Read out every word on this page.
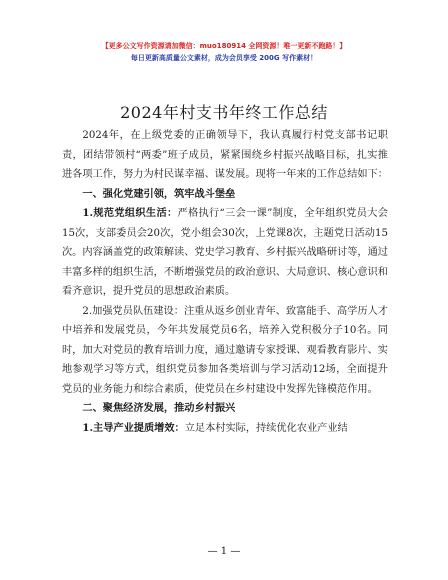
【更多公文写作资源请加微信：muo180914 全网资源！唯一更新不跑路！】
每日更新高质量公文素材，成为会员享受 200G 写作素材！
2024年村支书年终工作总结

2024年，在上级党委的正确领导下，我认真履行村党支部书记职责，团结带领村“两委”班子成员，紧紧围绕乡村振兴战略目标，扎实推进各项工作，努力为村民谋幸福、谋发展。现将一年来的工作总结如下：

一、强化党建引领，筑牢战斗堡垒

1.规范党组织生活：严格执行“三会一课”制度，全年组织党员大会15次，支部委员会20次，党小组会30次，上党课8次，主题党日活动15次。内容涵盖党的政策解读、党史学习教育、乡村振兴战略研讨等，通过丰富多样的组织生活，不断增强党员的政治意识、大局意识、核心意识和看齐意识，提升党员的思想政治素质。

2.加强党员队伍建设：注重从返乡创业青年、致富能手、高学历人才中培养和发展党员，今年共发展党员6名，培养入党积极分子10名。同时，加大对党员的教育培训力度，通过邀请专家授课、观看教育影片、实地参观学习等方式，组织党员参加各类培训与学习活动12场，全面提升党员的业务能力和综合素质，使党员在乡村建设中发挥先锋模范作用。

二、聚焦经济发展，推动乡村振兴

1.主导产业提质增效：立足本村实际，持续优化农业产业结

— 1 —
